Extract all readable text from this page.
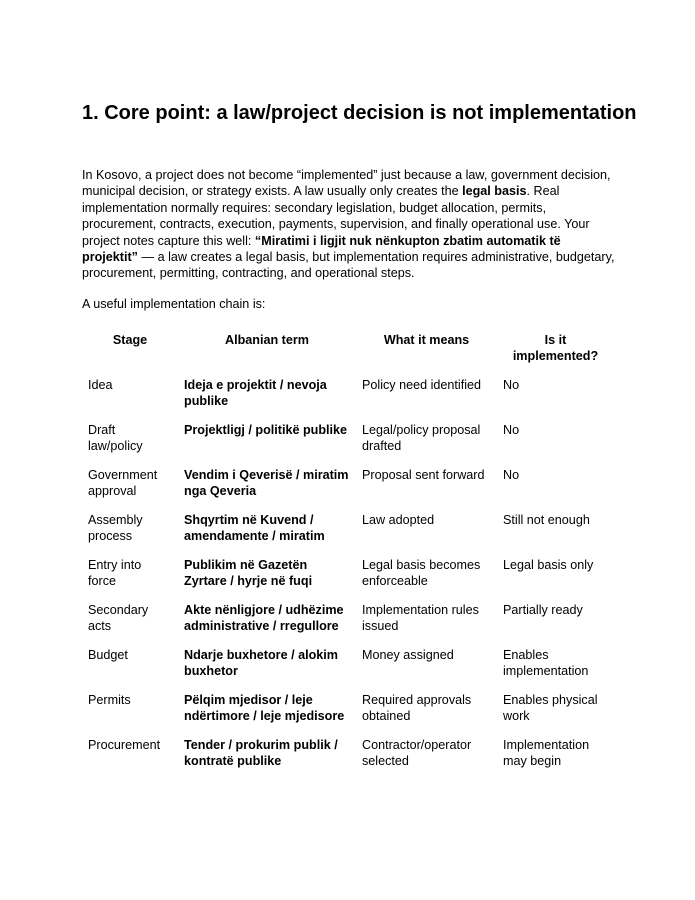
1. Core point: a law/project decision is not implementation

In Kosovo, a project does not become “implemented” just because a law, government decision, municipal decision, or strategy exists. A law usually only creates the legal basis. Real implementation normally requires: secondary legislation, budget allocation, permits, procurement, contracts, execution, payments, supervision, and finally operational use. Your project notes capture this well: “Miratimi i ligjit nuk nënkupton zbatim automatik të projektit” — a law creates a legal basis, but implementation requires administrative, budgetary, procurement, permitting, contracting, and operational steps.

A useful implementation chain is:

Stage	Albanian term	What it means	Is it implemented?
Idea	Ideja e projektit / nevoja publike	Policy need identified	No
Draft law/policy	Projektligj / politikë publike	Legal/policy proposal drafted	No
Government approval	Vendim i Qeverisë / miratim nga Qeveria	Proposal sent forward	No
Assembly process	Shqyrtim në Kuvend / amendamente / miratim	Law adopted	Still not enough
Entry into force	Publikim në Gazetën Zyrtare / hyrje në fuqi	Legal basis becomes enforceable	Legal basis only
Secondary acts	Akte nënligjore / udhëzime administrative / rregullore	Implementation rules issued	Partially ready
Budget	Ndarje buxhetore / alokim buxhetor	Money assigned	Enables implementation
Permits	Pëlqim mjedisor / leje ndërtimore / leje mjedisore	Required approvals obtained	Enables physical work
Procurement	Tender / prokurim publik / kontratë publike	Contractor/operator selected	Implementation may begin
